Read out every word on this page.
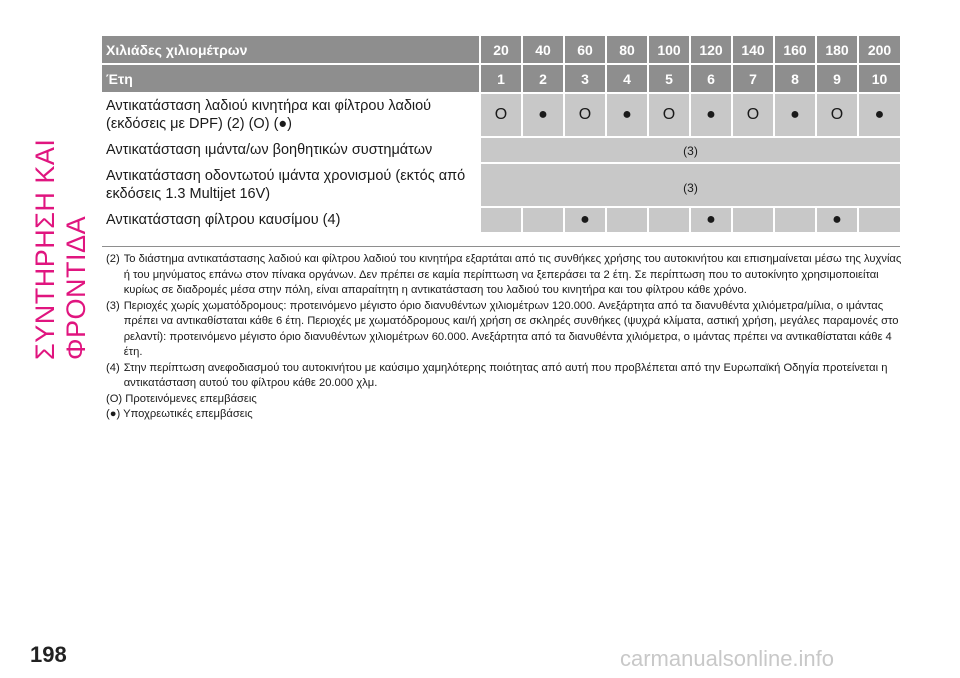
ΣΥΝΤΗΡΗΣΗ ΚΑΙ ΦΡΟΝΤΙΔΑ
Χιλιάδες χιλιομέτρων	20	40	60	80	100	120	140	160	180	200
Έτη	1	2	3	4	5	6	7	8	9	10

Αντικατάσταση λαδιού κινητήρα και φίλτρου λαδιού
(εκδόσεις με DPF) (2) (O) (●)	O	●	O	●	O	●	O	●	O	●

Αντικατάσταση ιμάντα/ων βοηθητικών συστημάτων	(3)									

Αντικατάσταση οδοντωτού ιμάντα χρονισμού (εκτός από
εκδόσεις 1.3 Multijet 16V)	(3)									

Αντικατάσταση φίλτρου καυσίμου (4)			●			●			●	
(2) Το διάστημα αντικατάστασης λαδιού και φίλτρου λαδιού του κινητήρα εξαρτάται από τις συνθήκες χρήσης του αυτοκινήτου και επισημαίνεται μέσω της λυχνίας ή του μηνύματος επάνω στον πίνακα οργάνων. Δεν πρέπει σε καμία περίπτωση να ξεπεράσει τα 2 έτη. Σε περίπτωση που το αυτοκίνητο χρησιμοποιείται κυρίως σε διαδρομές μέσα στην πόλη, είναι απαραίτητη η αντικατάσταση του λαδιού του κινητήρα και του φίλτρου κάθε χρόνο.
(3) Περιοχές χωρίς χωματόδρομους: προτεινόμενο μέγιστο όριο διανυθέντων χιλιομέτρων 120.000. Ανεξάρτητα από τα διανυθέντα χιλιόμετρα/μίλια, ο ιμάντας πρέπει να αντικαθίσταται κάθε 6 έτη. Περιοχές με χωματόδρομους και/ή χρήση σε σκληρές συνθήκες (ψυχρά κλίματα, αστική χρήση, μεγάλες παραμονές στο ρελαντί): προτεινόμενο μέγιστο όριο διανυθέντων χιλιομέτρων 60.000. Ανεξάρτητα από τα διανυθέντα χιλιόμετρα, ο ιμάντας πρέπει να αντικαθίσταται κάθε 4 έτη.
(4) Στην περίπτωση ανεφοδιασμού του αυτοκινήτου με καύσιμο χαμηλότερης ποιότητας από αυτή που προβλέπεται από την Ευρωπαϊκή Οδηγία προτείνεται η αντικατάσταση αυτού του φίλτρου κάθε 20.000 χλμ.
(O) Προτεινόμενες επεμβάσεις
(●) Υποχρεωτικές επεμβάσεις
198	carmanualsonline.info
